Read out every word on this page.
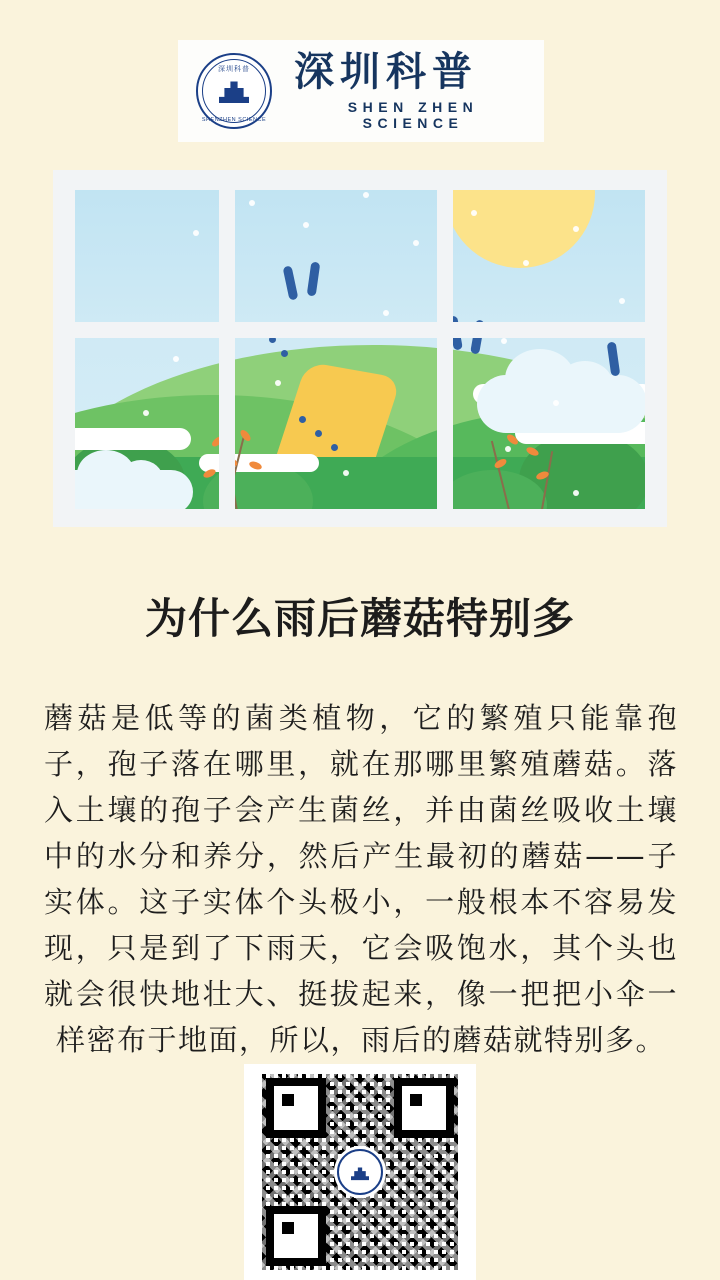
深圳科普
SHENZHEN SCIENCE
深圳科普
SHEN ZHEN SCIENCE
为什么雨后蘑菇特别多

蘑菇是低等的菌类植物，它的繁殖只能靠孢子，孢子落在哪里，就在那哪里繁殖蘑菇。落入土壤的孢子会产生菌丝，并由菌丝吸收土壤中的水分和养分，然后产生最初的蘑菇——子实体。这子实体个头极小，一般根本不容易发现，只是到了下雨天，它会吸饱水，其个头也就会很快地壮大、挺拔起来，像一把把小伞一样密布于地面，所以，雨后的蘑菇就特别多。
